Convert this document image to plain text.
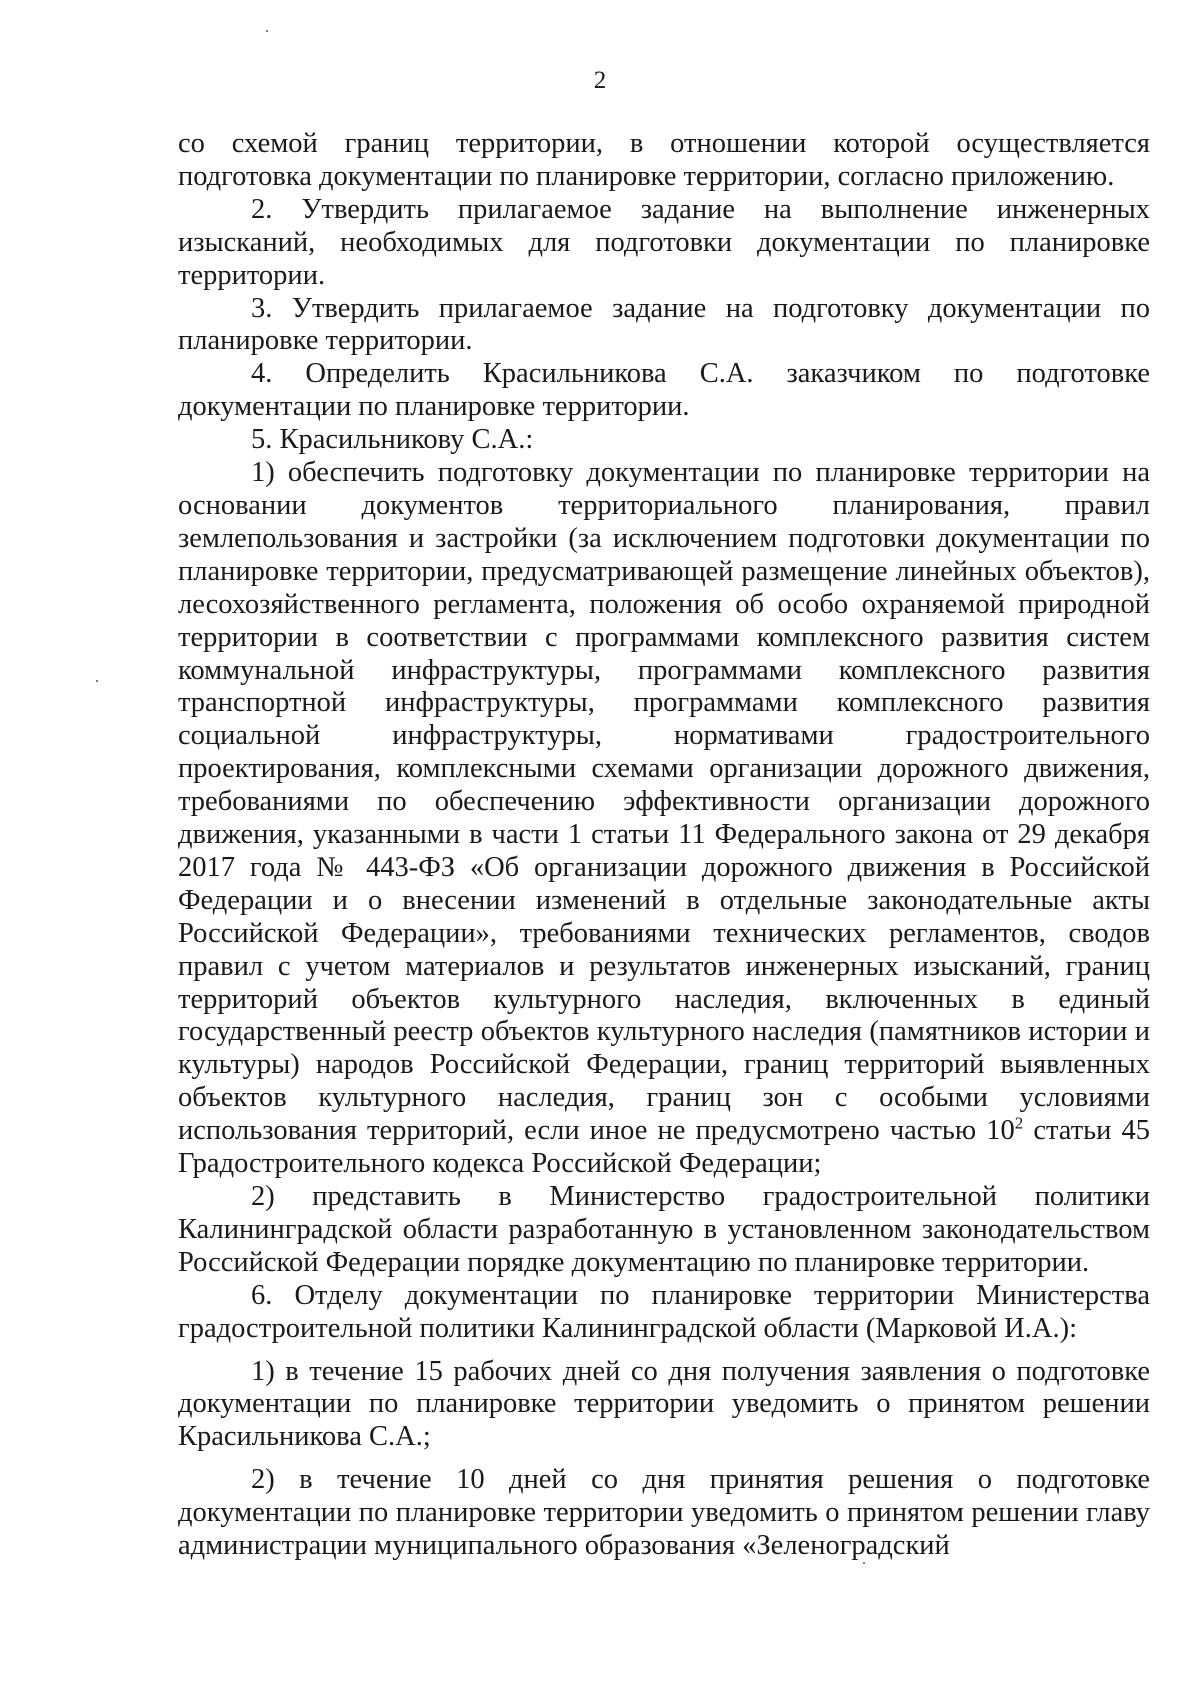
2

со схемой границ территории, в отношении которой осуществляется подготовка документации по планировке территории, согласно приложению.

2. Утвердить прилагаемое задание на выполнение инженерных изысканий, необходимых для подготовки документации по планировке территории.

3. Утвердить прилагаемое задание на подготовку документации по планировке территории.

4. Определить Красильникова С.А. заказчиком по подготовке документации по планировке территории.

5. Красильникову С.А.:

1) обеспечить подготовку документации по планировке территории на основании документов территориального планирования, правил землепользования и застройки (за исключением подготовки документации по планировке территории, предусматривающей размещение линейных объектов), лесохозяйственного регламента, положения об особо охраняемой природной территории в соответствии с программами комплексного развития систем коммунальной инфраструктуры, программами комплексного развития транспортной инфраструктуры, программами комплексного развития социальной инфраструктуры, нормативами градостроительного проектирования, комплексными схемами организации дорожного движения, требованиями по обеспечению эффективности организации дорожного движения, указанными в части 1 статьи 11 Федерального закона от 29 декабря 2017 года № 443-ФЗ «Об организации дорожного движения в Российской Федерации и о внесении изменений в отдельные законодательные акты Российской Федерации», требованиями технических регламентов, сводов правил с учетом материалов и результатов инженерных изысканий, границ территорий объектов культурного наследия, включенных в единый государственный реестр объектов культурного наследия (памятников истории и культуры) народов Российской Федерации, границ территорий выявленных объектов культурного наследия, границ зон с особыми условиями использования территорий, если иное не предусмотрено частью $10^2$ статьи 45 Градостроительного кодекса Российской Федерации;

2) представить в Министерство градостроительной политики Калининградской области разработанную в установленном законодательством Российской Федерации порядке документацию по планировке территории.

6. Отделу документации по планировке территории Министерства градостроительной политики Калининградской области (Марковой И.А.):

1) в течение 15 рабочих дней со дня получения заявления о подготовке документации по планировке территории уведомить о принятом решении Красильникова С.А.;

2) в течение 10 дней со дня принятия решения о подготовке документации по планировке территории уведомить о принятом решении главу администрации муниципального образования «Зеленоградский
